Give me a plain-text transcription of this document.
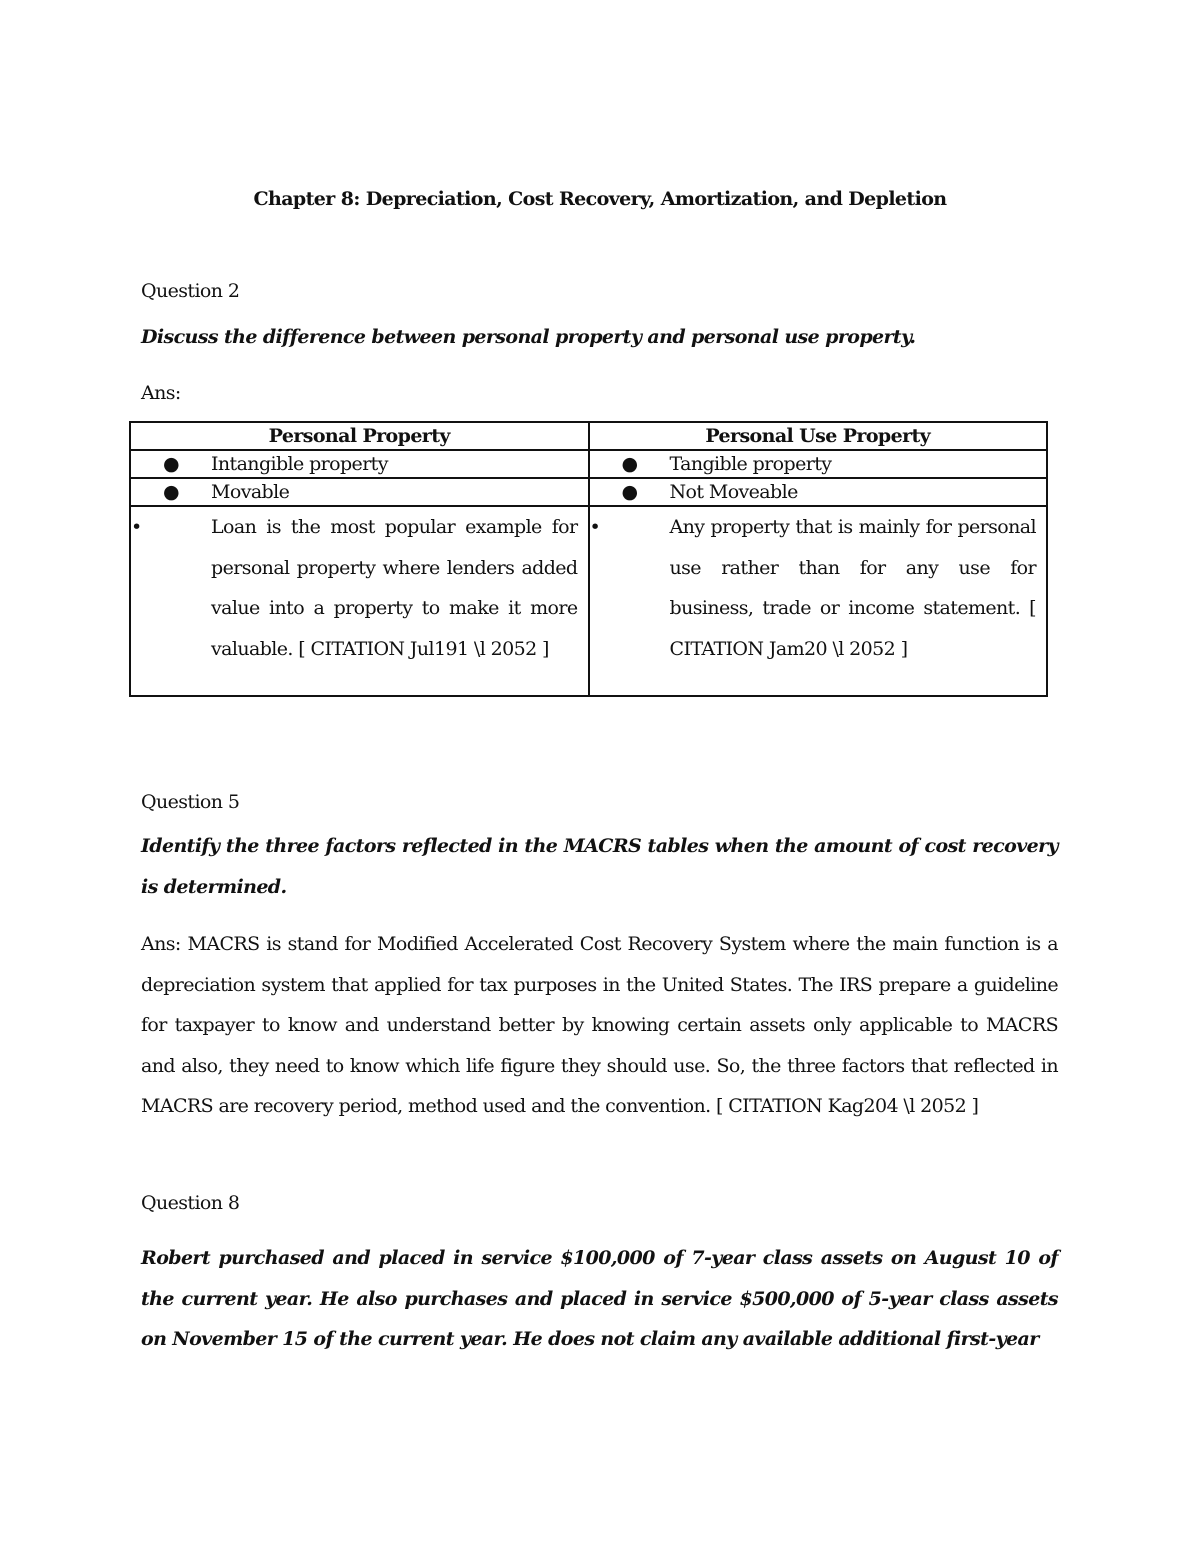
Chapter 8: Depreciation, Cost Recovery, Amortization, and Depletion
Question 2
Discuss the difference between personal property and personal use property.
Ans:
Personal Property	Personal Use Property

● Intangible property	● Tangible property

● Movable	● Not Moveable

• Loan is the most popular example for personal property where lenders added value into a property to make it more valuable. [ CITATION Jul191 \l 2052 ]	• Any property that is mainly for personal use rather than for any use for business, trade or income statement. [ CITATION Jam20 \l 2052 ]
Question 5
Identify the three factors reflected in the MACRS tables when the amount of cost recovery is determined.
Ans: MACRS is stand for Modified Accelerated Cost Recovery System where the main function is a depreciation system that applied for tax purposes in the United States. The IRS prepare a guideline for taxpayer to know and understand better by knowing certain assets only applicable to MACRS and also, they need to know which life figure they should use. So, the three factors that reflected in MACRS are recovery period, method used and the convention. [ CITATION Kag204 \l 2052 ]
Question 8
Robert purchased and placed in service $100,000 of 7-year class assets on August 10 of the current year. He also purchases and placed in service $500,000 of 5-year class assets on November 15 of the current year. He does not claim any available additional first-year
